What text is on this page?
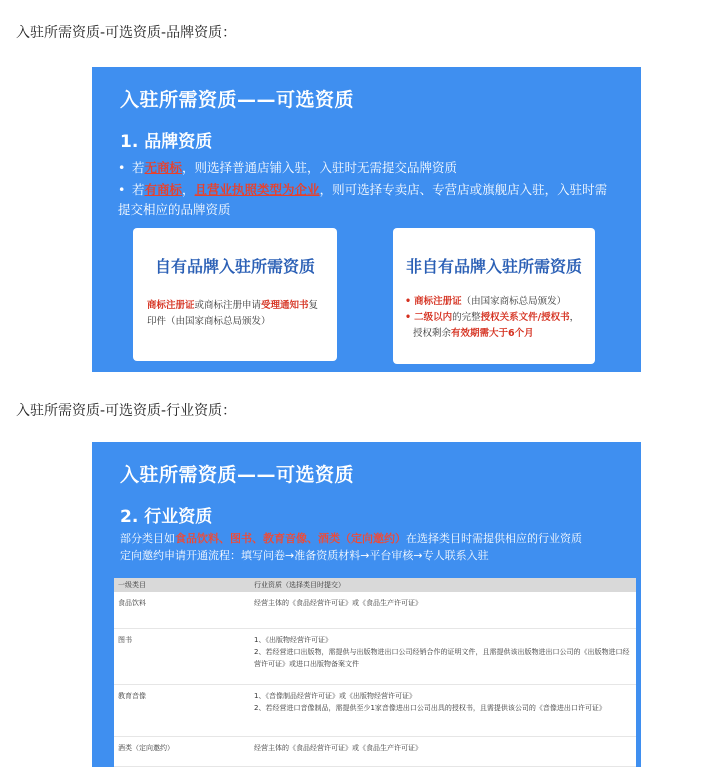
入驻所需资质-可选资质-品牌资质：
入驻所需资质——可选资质
1. 品牌资质
• 若无商标，则选择普通店铺入驻，入驻时无需提交品牌资质
• 若有商标，且营业执照类型为企业，则可选择专卖店、专营店或旗舰店入驻，入驻时需提交相应的品牌资质
自有品牌入驻所需资质
商标注册证或商标注册申请受理通知书复印件（由国家商标总局颁发）
非自有品牌入驻所需资质
• 商标注册证（由国家商标总局颁发）
• 二级以内的完整授权关系文件/授权书，
授权剩余有效期需大于6个月
入驻所需资质-可选资质-行业资质：
入驻所需资质——可选资质
2. 行业资质
部分类目如食品饮料、图书、教育音像、酒类（定向邀约）在选择类目时需提供相应的行业资质
定向邀约申请开通流程：填写问卷→准备资质材料→平台审核→专人联系入驻
一级类目	行业资质（选择类目时提交）
食品饮料	经营主体的《食品经营许可证》或《食品生产许可证》
图书	1、《出版物经营许可证》
2、若经营进口出版物，需提供与出版物进出口公司经销合作的证明文件，且需提供该出版物进出口公司的《出版物进口经营许可证》或进口出版物备案文件
教育音像	1、《音像制品经营许可证》或《出版物经营许可证》
2、若经营进口音像制品，需提供至少1家音像进出口公司出具的授权书，且需提供该公司的《音像进出口许可证》
酒类（定向邀约）	经营主体的《食品经营许可证》或《食品生产许可证》
